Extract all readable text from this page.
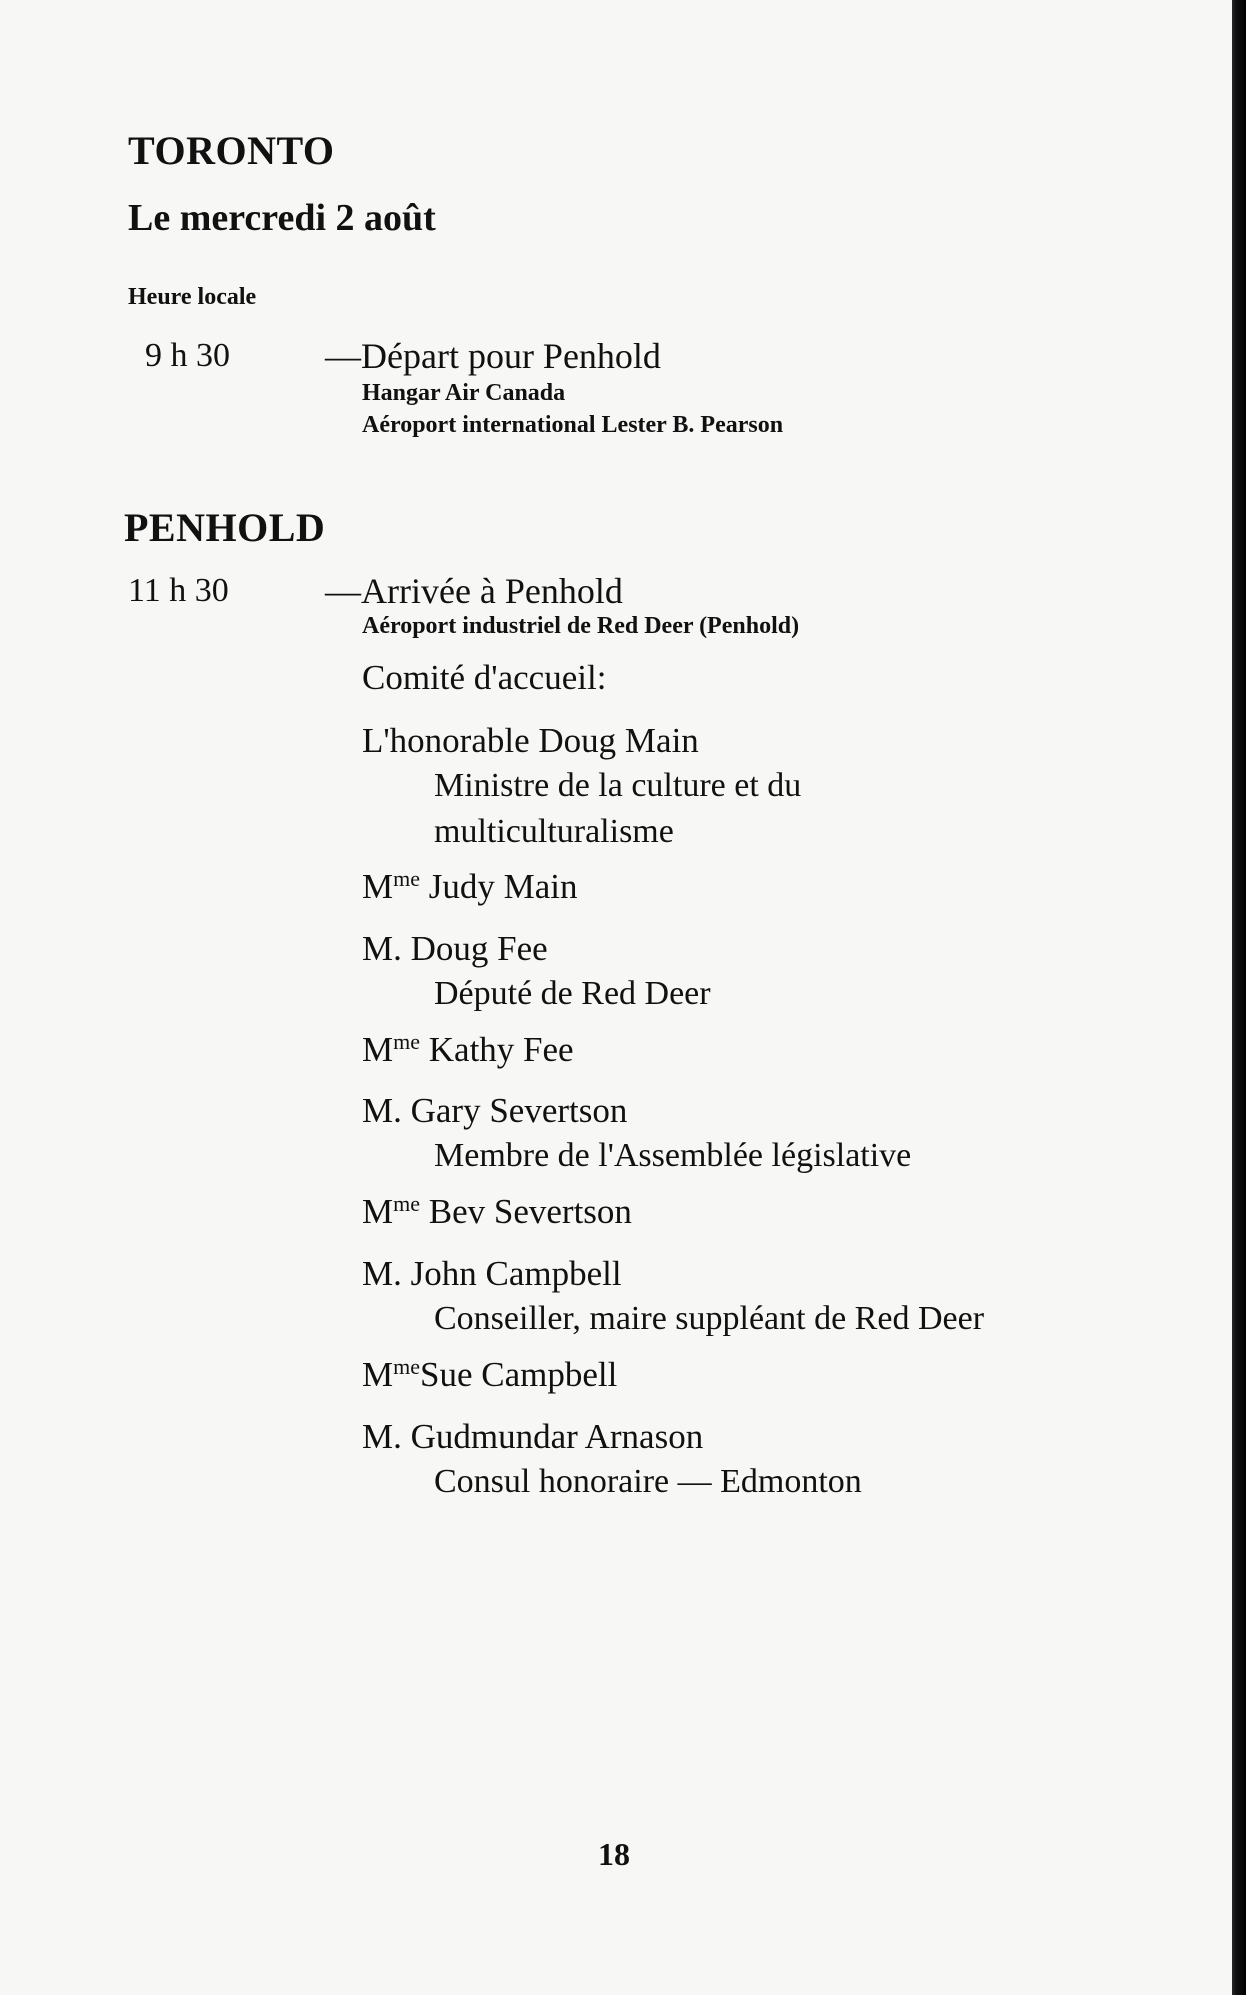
TORONTO
Le mercredi 2 août
Heure locale
9 h 30	—Départ pour Penhold
Hangar Air Canada
Aéroport international Lester B. Pearson
PENHOLD
11 h 30	—Arrivée à Penhold
Aéroport industriel de Red Deer (Penhold)
Comité d'accueil:
L'honorable Doug Main
Ministre de la culture et du
multiculturalisme
$M^{me}$ Judy Main
M. Doug Fee
Député de Red Deer
$M^{me}$ Kathy Fee
M. Gary Severtson
Membre de l'Assemblée législative
$M^{me}$ Bev Severtson
M. John Campbell
Conseiller, maire suppléant de Red Deer
$M^{me}Sue$ Campbell
M. Gudmundar Arnason
Consul honoraire — Edmonton
18
